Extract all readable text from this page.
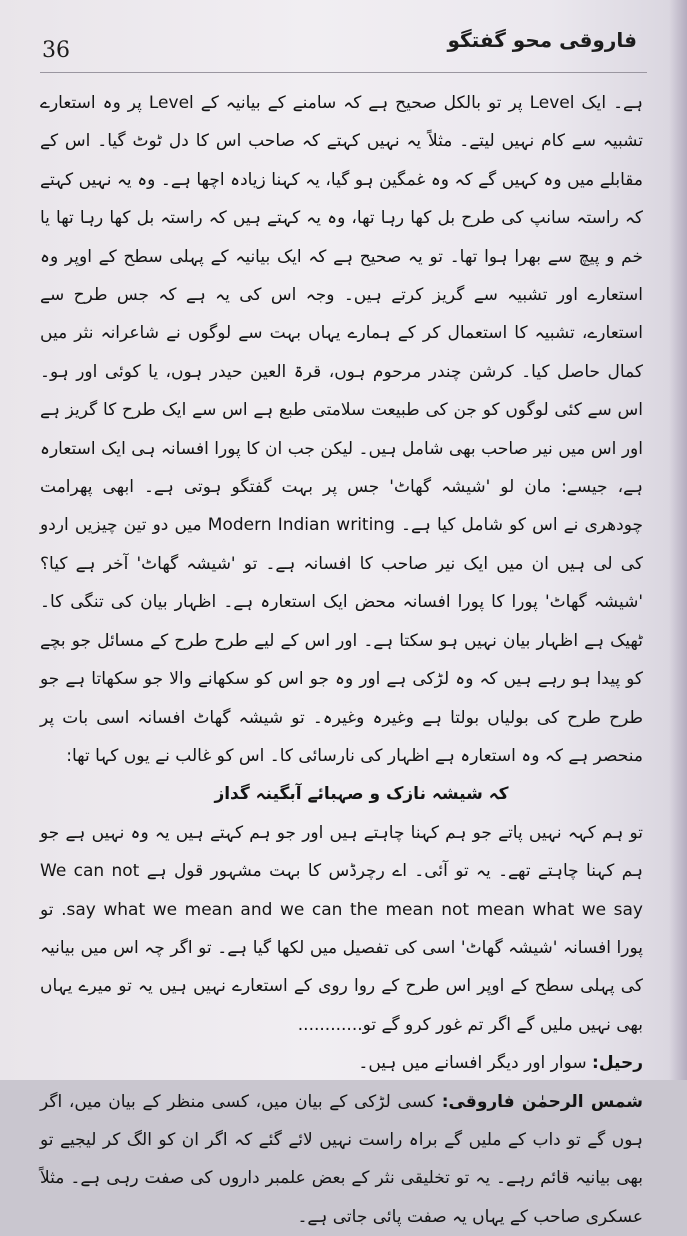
36	فاروقی محو گفتگو

ہے۔ ایک Level پر تو بالکل صحیح ہے کہ سامنے کے بیانیہ کے Level پر وہ استعارے تشبیہ سے کام نہیں لیتے۔ مثلاً یہ نہیں کہتے کہ صاحب اس کا دل ٹوٹ گیا۔ اس کے مقابلے میں وہ کہیں گے کہ وہ غمگین ہو گیا، یہ کہنا زیادہ اچھا ہے۔ وہ یہ نہیں کہتے کہ راستہ سانپ کی طرح بل کھا رہا تھا، وہ یہ کہتے ہیں کہ راستہ بل کھا رہا تھا یا خم و پیچ سے بھرا ہوا تھا۔ تو یہ صحیح ہے کہ ایک بیانیہ کے پہلی سطح کے اوپر وہ استعارے اور تشبیہ سے گریز کرتے ہیں۔ وجہ اس کی یہ ہے کہ جس طرح سے استعارے، تشبیہ کا استعمال کر کے ہمارے یہاں بہت سے لوگوں نے شاعرانہ نثر میں کمال حاصل کیا۔ کرشن چندر مرحوم ہوں، قرۃ العین حیدر ہوں، یا کوئی اور ہو۔ اس سے کئی لوگوں کو جن کی طبیعت سلامتی طبع ہے اس سے ایک طرح کا گریز ہے اور اس میں نیر صاحب بھی شامل ہیں۔ لیکن جب ان کا پورا افسانہ ہی ایک استعارہ ہے، جیسے: مان لو 'شیشہ گھاٹ' جس پر بہت گفتگو ہوتی ہے۔ ابھی پھرامت چودھری نے اس کو شامل کیا ہے۔ Modern Indian writing میں دو تین چیزیں اردو کی لی ہیں ان میں ایک نیر صاحب کا افسانہ ہے۔ تو 'شیشہ گھاٹ' آخر ہے کیا؟ 'شیشہ گھاٹ' پورا کا پورا افسانہ محض ایک استعارہ ہے۔ اظہار بیان کی تنگی کا۔ ٹھیک ہے اظہار بیان نہیں ہو سکتا ہے۔ اور اس کے لیے طرح طرح کے مسائل جو بچے کو پیدا ہو رہے ہیں کہ وہ لڑکی ہے اور وہ جو اس کو سکھانے والا جو سکھاتا ہے جو طرح طرح کی بولیاں بولتا ہے وغیرہ وغیرہ۔ تو شیشہ گھاٹ افسانہ اسی بات پر منحصر ہے کہ وہ استعارہ ہے اظہار کی نارسائی کا۔ اس کو غالب نے یوں کہا تھا:

کہ شیشہ نازک و صہبائے آبگینہ گداز

تو ہم کہہ نہیں پاتے جو ہم کہنا چاہتے ہیں اور جو ہم کہتے ہیں یہ وہ نہیں ہے جو ہم کہنا چاہتے تھے۔ یہ تو آئی۔ اے رچرڈس کا بہت مشہور قول ہے We can not say what we mean and we can the mean not mean what we say. تو پورا افسانہ 'شیشہ گھاٹ' اسی کی تفصیل میں لکھا گیا ہے۔ تو اگر چہ اس میں بیانیہ کی پہلی سطح کے اوپر اس طرح کے روا روی کے استعارے نہیں ہیں یہ تو میرے یہاں بھی نہیں ملیں گے اگر تم غور کرو گے تو............

رحیل: سوار اور دیگر افسانے میں ہیں۔

شمس الرحمٰن فاروقی: کسی لڑکی کے بیان میں، کسی منظر کے بیان میں، اگر ہوں گے تو داب کے ملیں گے براہ راست نہیں لائے گئے کہ اگر ان کو الگ کر لیجیے تو بھی بیانیہ قائم رہے۔ یہ تو تخلیقی نثر کے بعض علمبر داروں کی صفت رہی ہے۔ مثلاً عسکری صاحب کے یہاں یہ صفت پائی جاتی ہے۔
